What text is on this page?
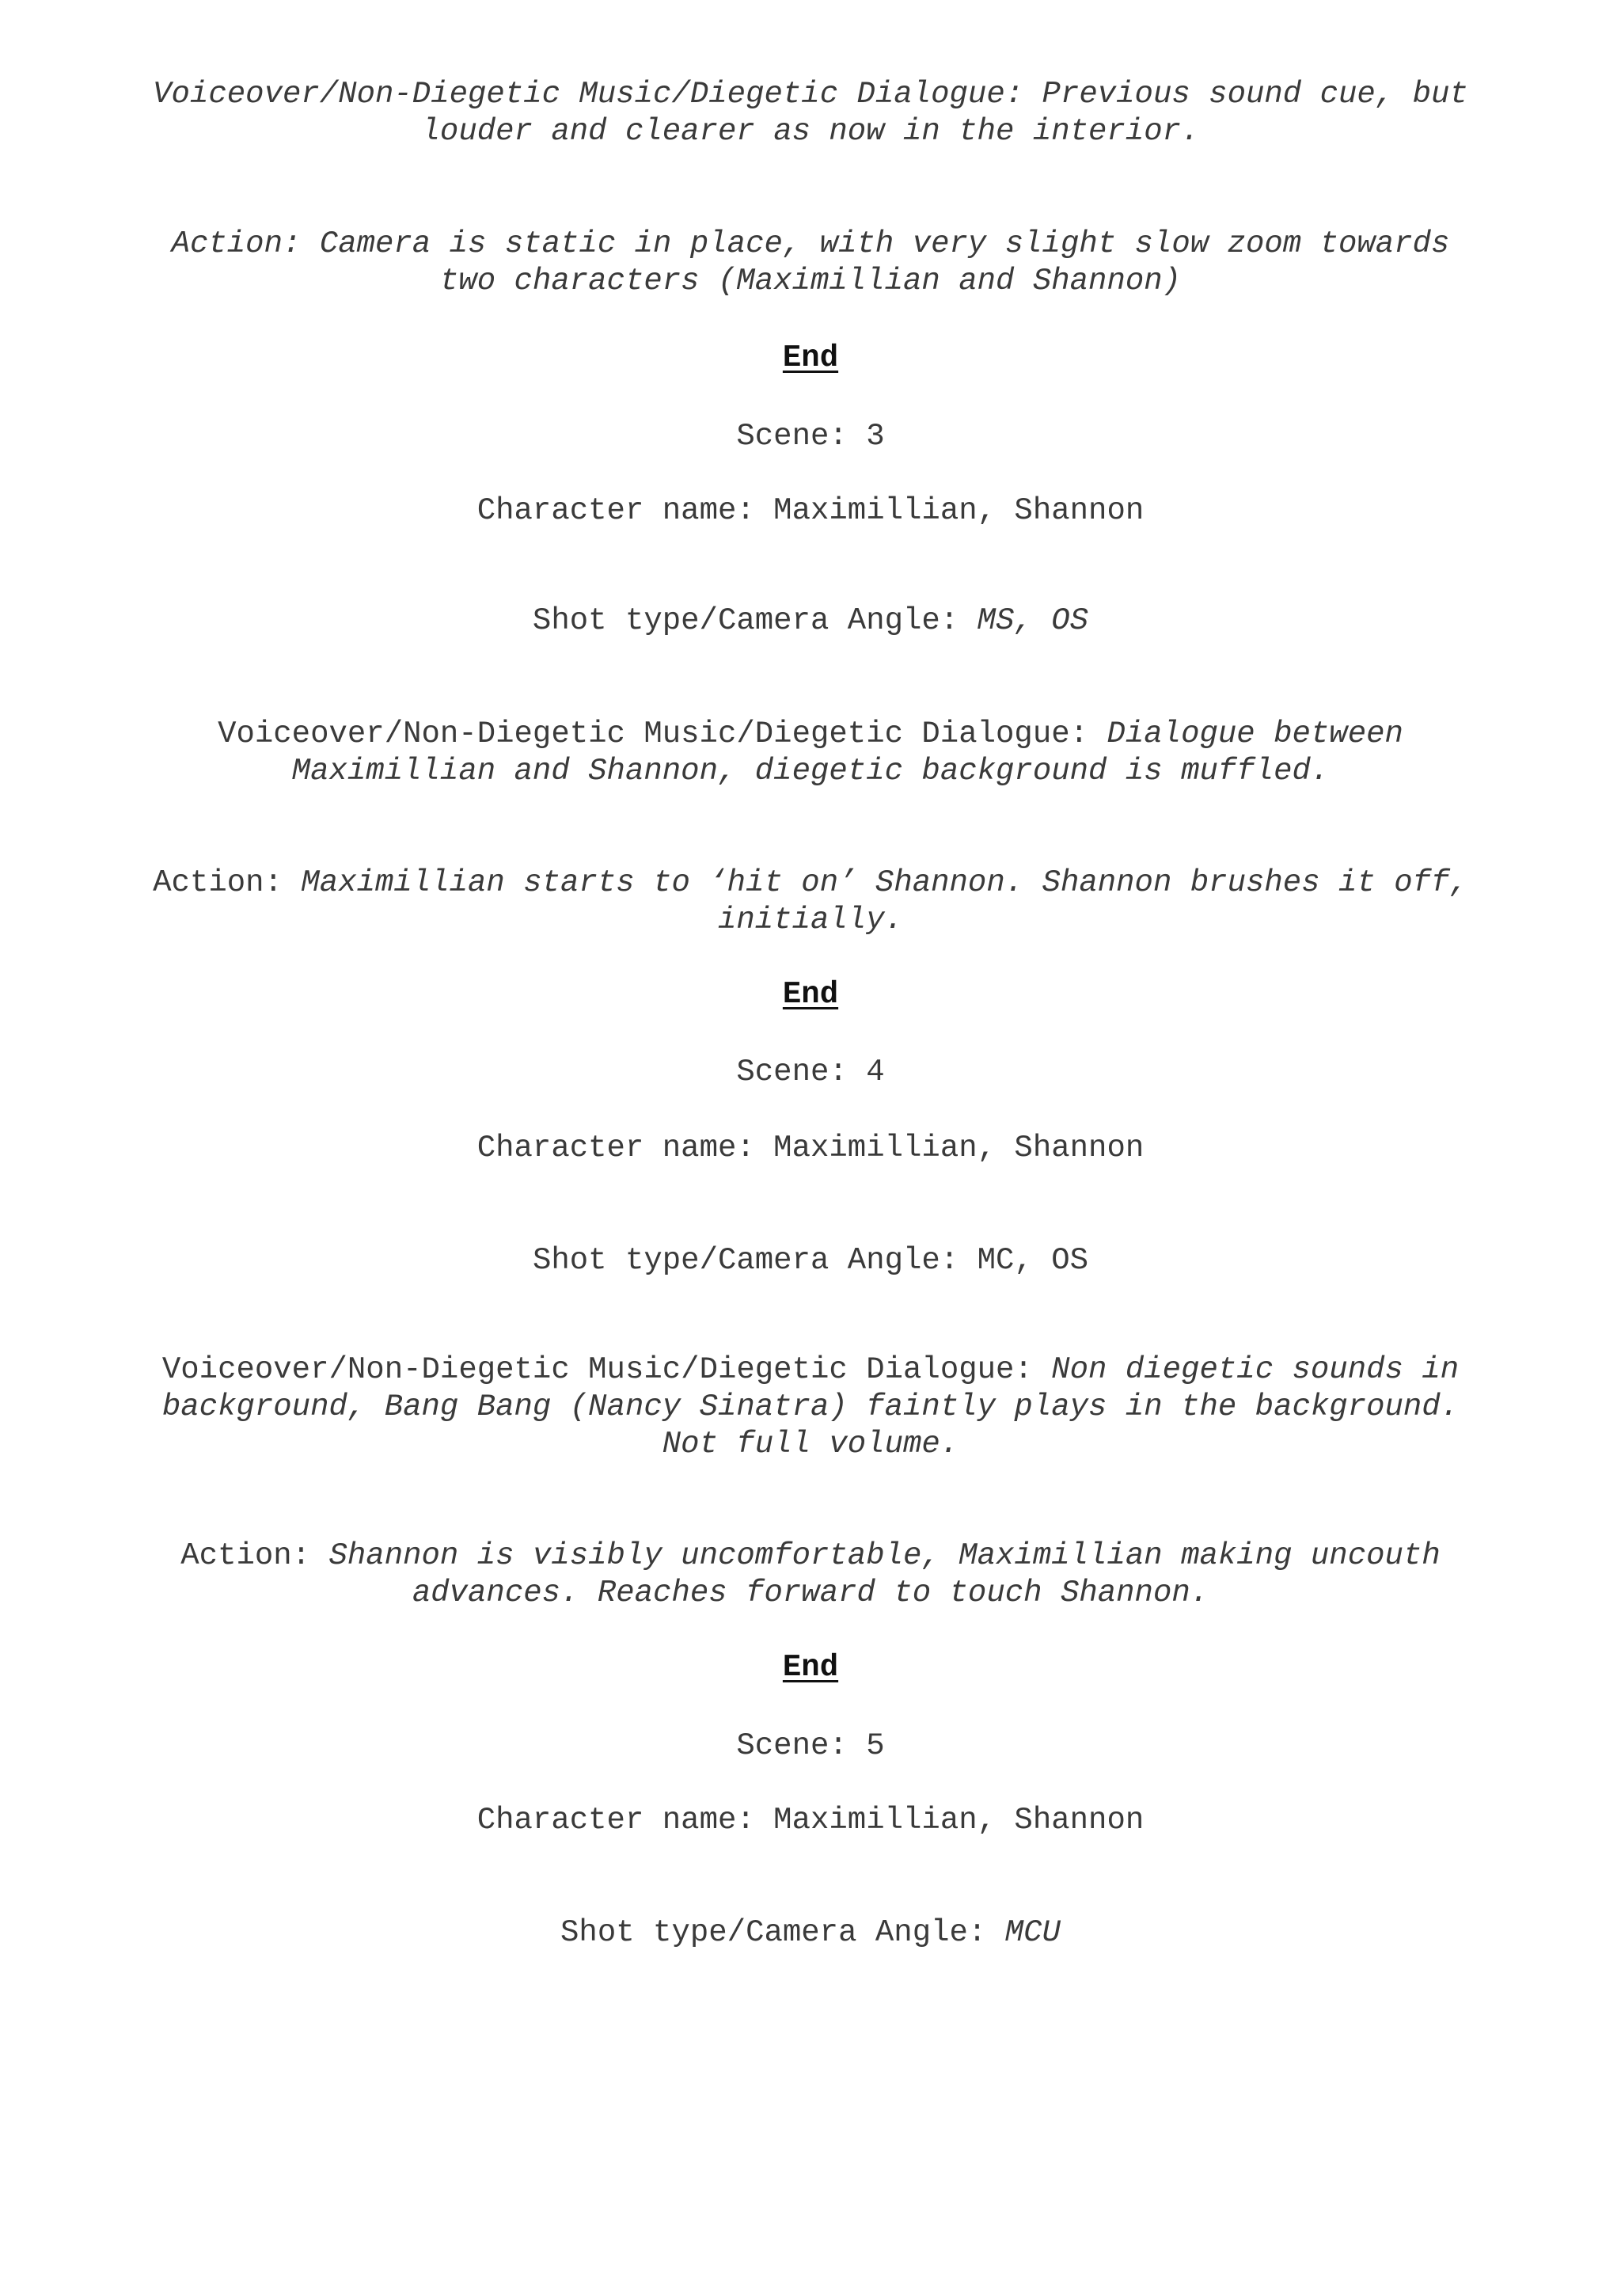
Voiceover/Non-Diegetic Music/Diegetic Dialogue: Previous sound cue, but
louder and clearer as now in the interior.
Action: Camera is static in place, with very slight slow zoom towards
two characters (Maximillian and Shannon)
End
Scene: 3
Character name: Maximillian, Shannon
Shot type/Camera Angle: MS, OS
Voiceover/Non-Diegetic Music/Diegetic Dialogue: Dialogue between
Maximillian and Shannon, diegetic background is muffled.
Action: Maximillian starts to ‘hit on’ Shannon. Shannon brushes it off,
initially.
End
Scene: 4
Character name: Maximillian, Shannon
Shot type/Camera Angle: MC, OS
Voiceover/Non-Diegetic Music/Diegetic Dialogue: Non diegetic sounds in
background, Bang Bang (Nancy Sinatra) faintly plays in the background.
Not full volume.
Action: Shannon is visibly uncomfortable, Maximillian making uncouth
advances. Reaches forward to touch Shannon.
End
Scene: 5
Character name: Maximillian, Shannon
Shot type/Camera Angle: MCU
